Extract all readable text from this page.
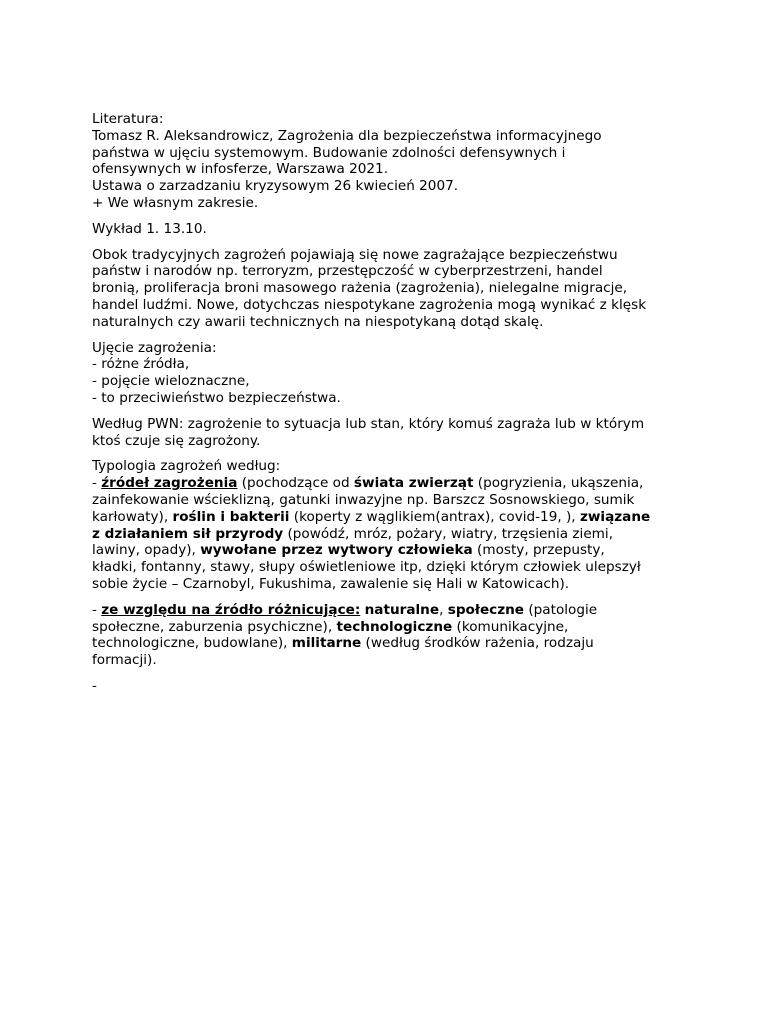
Literatura:
Tomasz R. Aleksandrowicz, Zagrożenia dla bezpieczeństwa informacyjnego
państwa w ujęciu systemowym. Budowanie zdolności defensywnych i
ofensywnych w infosferze, Warszawa 2021.
Ustawa o zarzadzaniu kryzysowym 26 kwiecień 2007.
+ We własnym zakresie.
Wykład 1. 13.10.
Obok tradycyjnych zagrożeń pojawiają się nowe zagrażające bezpieczeństwu
państw i narodów np. terroryzm, przestępczość w cyberprzestrzeni, handel
bronią, proliferacja broni masowego rażenia (zagrożenia), nielegalne migracje,
handel ludźmi. Nowe, dotychczas niespotykane zagrożenia mogą wynikać z klęsk
naturalnych czy awarii technicznych na niespotykaną dotąd skalę.
Ujęcie zagrożenia:
- różne źródła,
- pojęcie wieloznaczne,
- to przeciwieństwo bezpieczeństwa.
Według PWN: zagrożenie to sytuacja lub stan, który komuś zagraża lub w którym
ktoś czuje się zagrożony.
Typologia zagrożeń według:
- źródeł zagrożenia (pochodzące od świata zwierząt (pogryzienia, ukąszenia,
zainfekowanie wścieklizną, gatunki inwazyjne np. Barszcz Sosnowskiego, sumik
karłowaty), roślin i bakterii (koperty z wąglikiem(antrax), covid-19, ), związane
z działaniem sił przyrody (powódź, mróz, pożary, wiatry, trzęsienia ziemi,
lawiny, opady), wywołane przez wytwory człowieka (mosty, przepusty,
kładki, fontanny, stawy, słupy oświetleniowe itp, dzięki którym człowiek ulepszył
sobie życie – Czarnobyl, Fukushima, zawalenie się Hali w Katowicach).
- ze względu na źródło różnicujące: naturalne, społeczne (patologie
społeczne, zaburzenia psychiczne), technologiczne (komunikacyjne,
technologiczne, budowlane), militarne (według środków rażenia, rodzaju
formacji).
-
